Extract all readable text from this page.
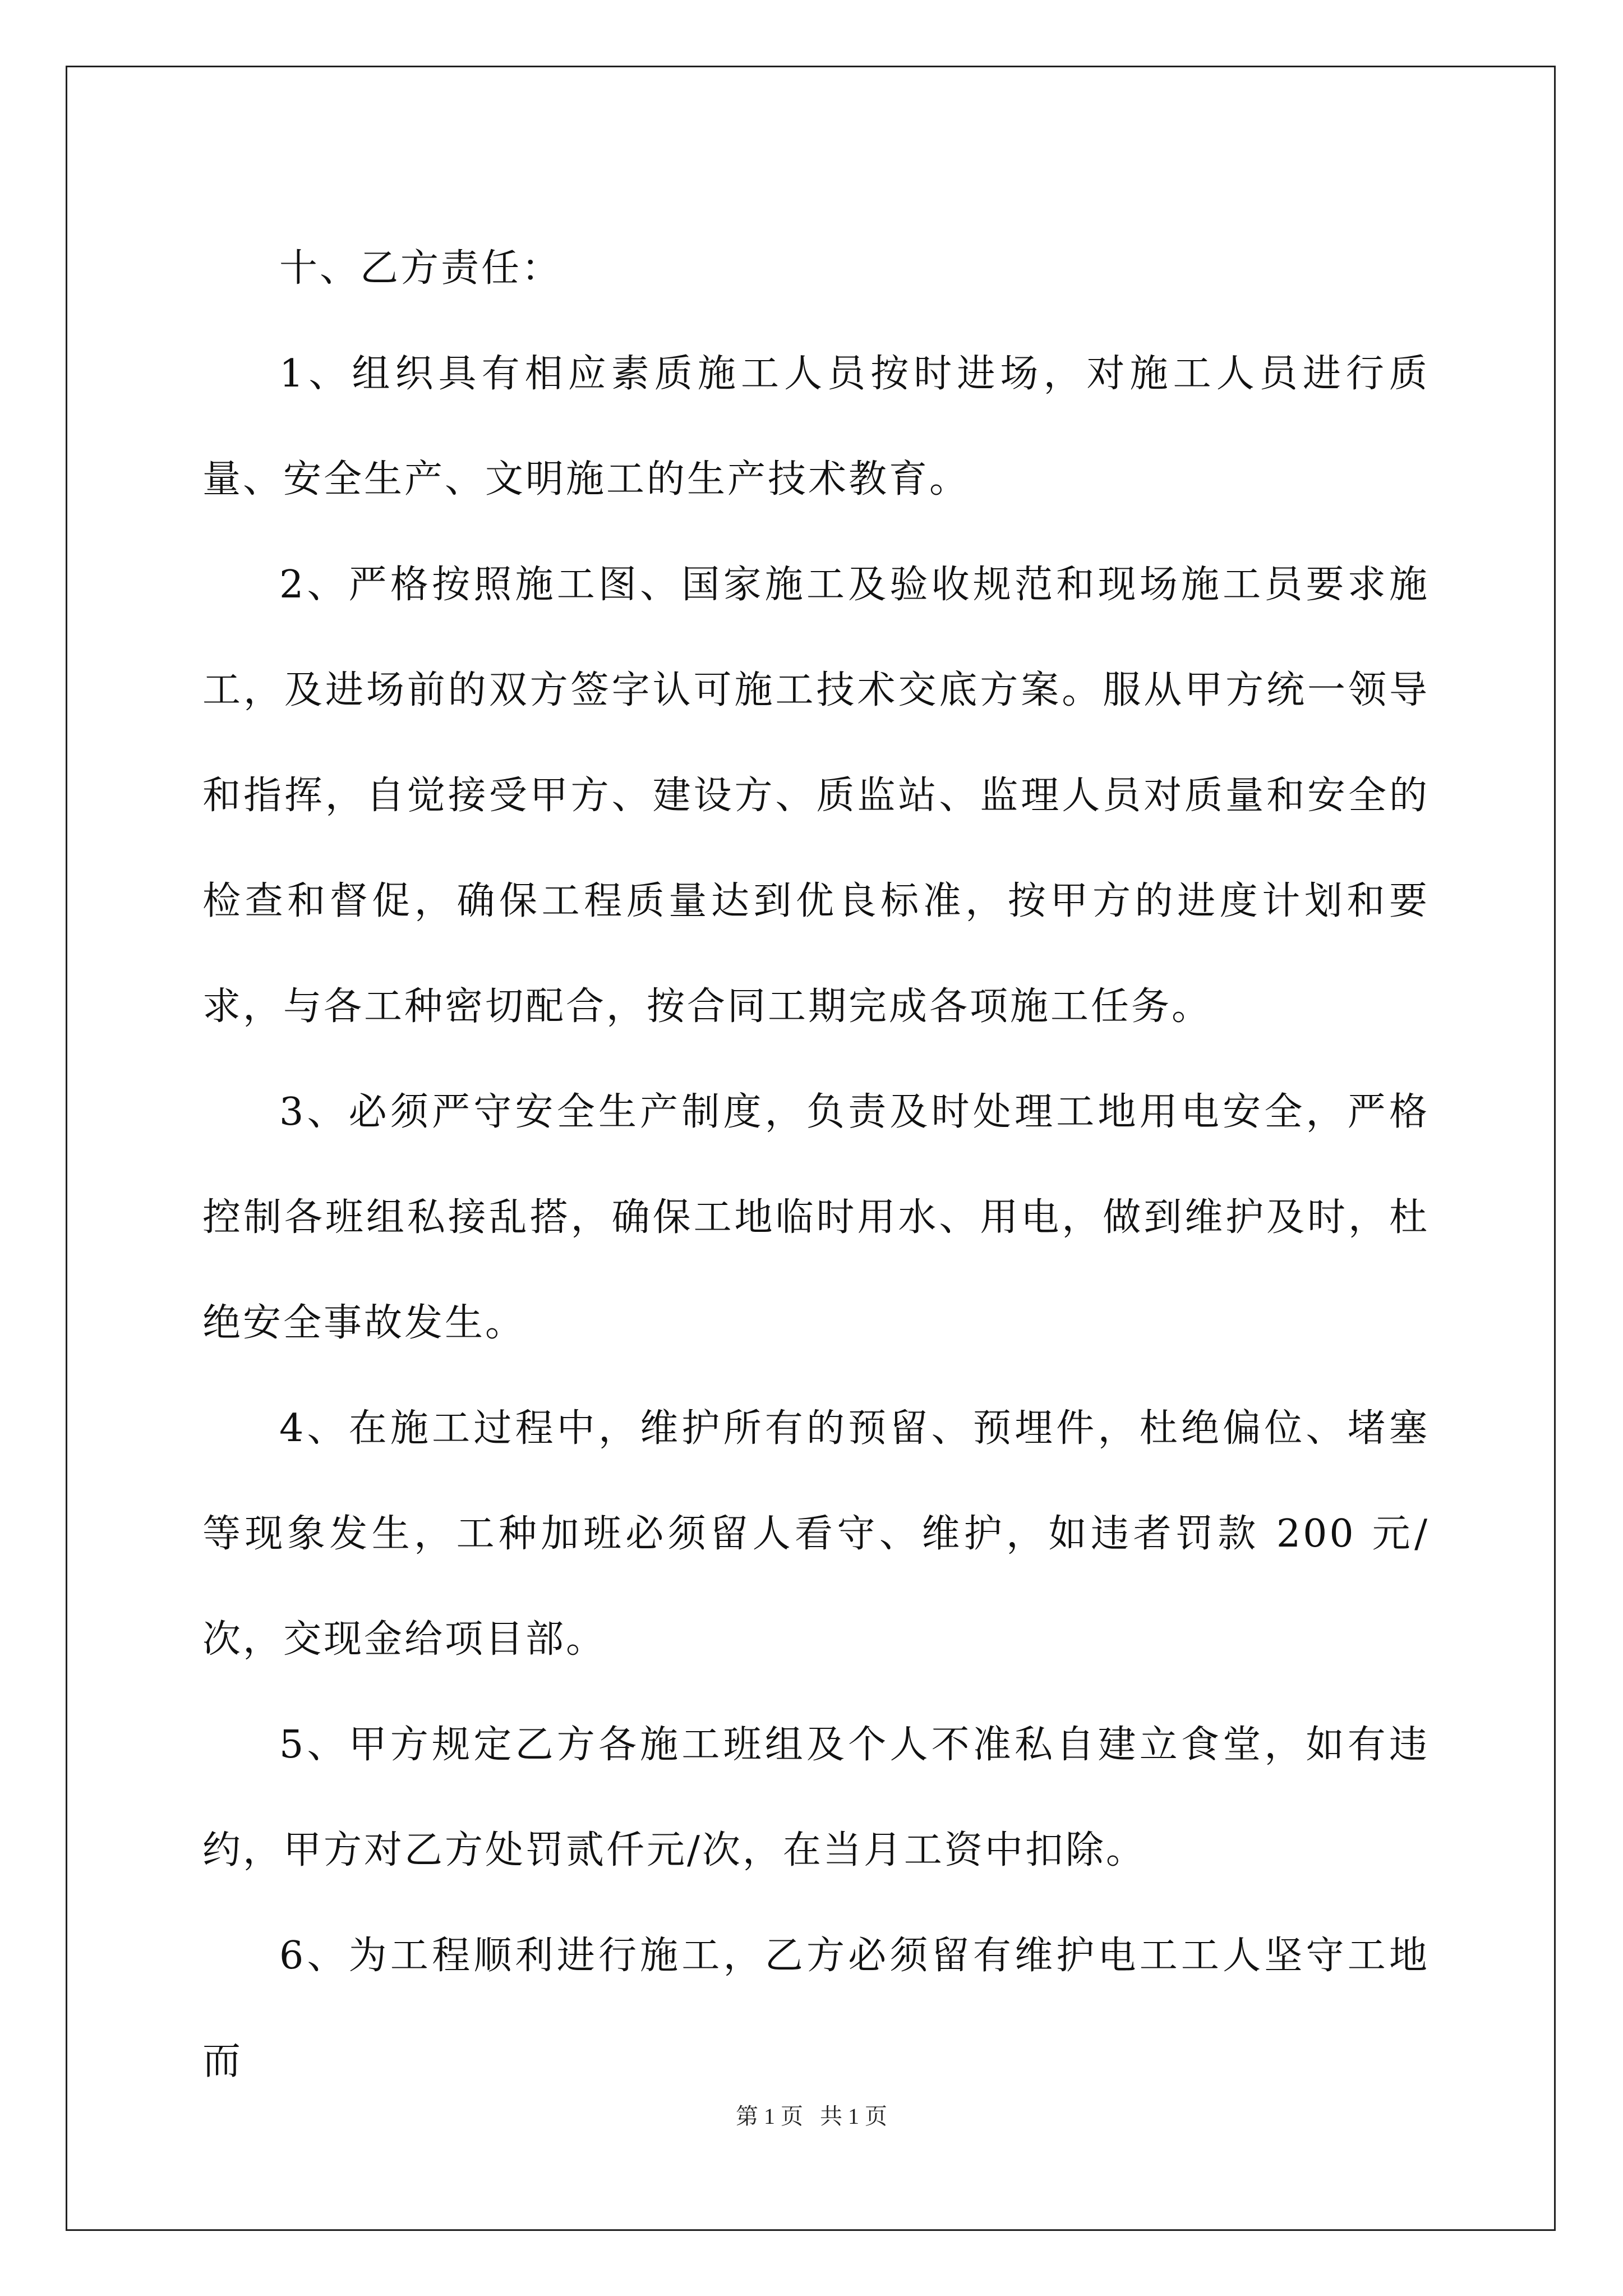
十、乙方责任：

1、组织具有相应素质施工人员按时进场，对施工人员进行质量、安全生产、文明施工的生产技术教育。

2、严格按照施工图、国家施工及验收规范和现场施工员要求施工，及进场前的双方签字认可施工技术交底方案。服从甲方统一领导和指挥，自觉接受甲方、建设方、质监站、监理人员对质量和安全的检查和督促，确保工程质量达到优良标准，按甲方的进度计划和要求，与各工种密切配合，按合同工期完成各项施工任务。

3、必须严守安全生产制度，负责及时处理工地用电安全，严格控制各班组私接乱搭，确保工地临时用水、用电，做到维护及时，杜绝安全事故发生。

4、在施工过程中，维护所有的预留、预埋件，杜绝偏位、堵塞等现象发生，工种加班必须留人看守、维护，如违者罚款 200 元/次，交现金给项目部。

5、甲方规定乙方各施工班组及个人不准私自建立食堂，如有违约，甲方对乙方处罚贰仟元/次，在当月工资中扣除。

6、为工程顺利进行施工，乙方必须留有维护电工工人坚守工地而

第 1 页   共 1 页
